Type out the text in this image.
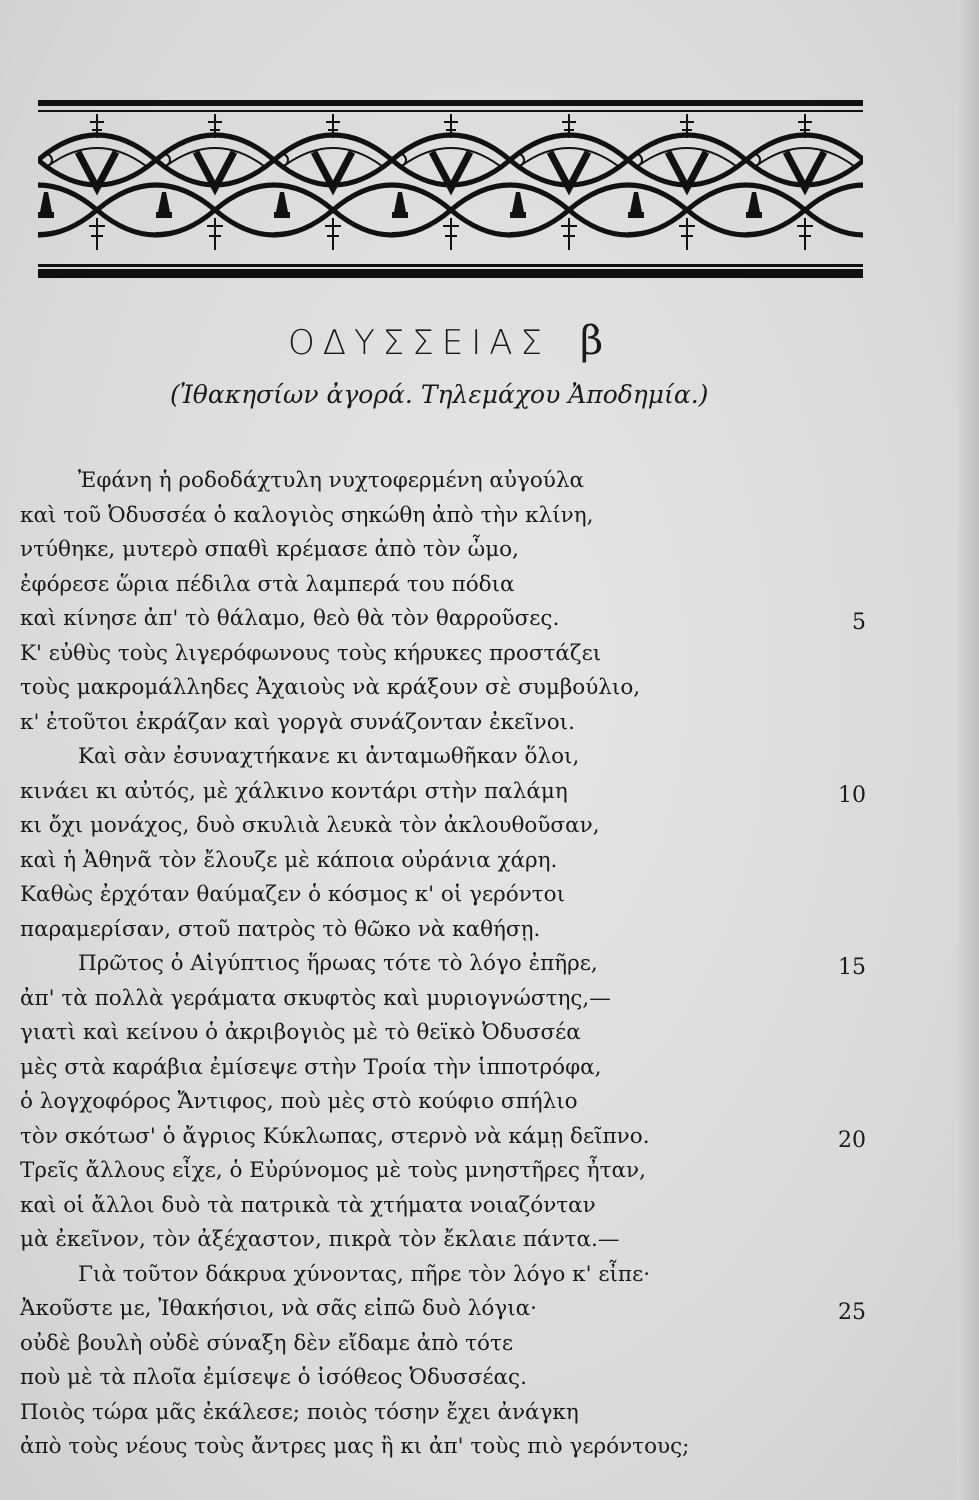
ΟΔΥΣΣΕΙΑΣ β
(Ἰθακησίων ἀγορά. Τηλεμάχου Ἀποδημία.)
Ἐφάνη ἡ ροδοδάχτυλη νυχτοφερμένη αὐγούλα
καὶ τοῦ Ὀδυσσέα ὁ καλογιὸς σηκώθη ἀπὸ τὴν κλίνη,
ντύθηκε, μυτερὸ σπαθὶ κρέμασε ἀπὸ τὸν ὦμο,
ἐφόρεσε ὥρια πέδιλα στὰ λαμπερά του πόδια
καὶ κίνησε ἀπ' τὸ θάλαμο, θεὸ θὰ τὸν θαρροῦσες.
Κ' εὐθὺς τοὺς λιγερόφωνους τοὺς κήρυκες προστάζει
τοὺς μακρομάλληδες Ἀχαιοὺς νὰ κράξουν σὲ συμβούλιο,
κ' ἐτοῦτοι ἐκράζαν καὶ γοργὰ συνάζονταν ἐκεῖνοι.
Καὶ σὰν ἐσυναχτήκανε κι ἀνταμωθῆκαν ὅλοι,
κινάει κι αὐτός, μὲ χάλκινο κοντάρι στὴν παλάμη
κι ὄχι μονάχος, δυὸ σκυλιὰ λευκὰ τὸν ἀκλουθοῦσαν,
καὶ ἡ Ἀθηνᾶ τὸν ἔλουζε μὲ κάποια οὐράνια χάρη.
Καθὼς ἐρχόταν θαύμαζεν ὁ κόσμος κ' οἱ γερόντοι
παραμερίσαν, στοῦ πατρὸς τὸ θῶκο νὰ καθήσῃ.
Πρῶτος ὁ Αἰγύπτιος ἥρωας τότε τὸ λόγο ἐπῆρε,
ἀπ' τὰ πολλὰ γεράματα σκυφτὸς καὶ μυριογνώστης,—
γιατὶ καὶ κείνου ὁ ἀκριβογιὸς μὲ τὸ θεϊκὸ Ὀδυσσέα
μὲς στὰ καράβια ἐμίσεψε στὴν Τροία τὴν ἱπποτρόφα,
ὁ λογχοφόρος Ἄντιφος, ποὺ μὲς στὸ κούφιο σπήλιο
τὸν σκότωσ' ὁ ἄγριος Κύκλωπας, στερνὸ νὰ κάμῃ δεῖπνο.
Τρεῖς ἄλλους εἶχε, ὁ Εὐρύνομος μὲ τοὺς μνηστῆρες ἦταν,
καὶ οἱ ἄλλοι δυὸ τὰ πατρικὰ τὰ χτήματα νοιαζόνταν
μὰ ἐκεῖνον, τὸν ἀξέχαστον, πικρὰ τὸν ἔκλαιε πάντα.—
Γιὰ τοῦτον δάκρυα χύνοντας, πῆρε τὸν λόγο κ' εἶπε·
Ἀκοῦστε με, Ἰθακήσιοι, νὰ σᾶς εἰπῶ δυὸ λόγια·
οὐδὲ βουλὴ οὐδὲ σύναξη δὲν εἴδαμε ἀπὸ τότε
ποὺ μὲ τὰ πλοῖα ἐμίσεψε ὁ ἰσόθεος Ὀδυσσέας.
Ποιὸς τώρα μᾶς ἐκάλεσε; ποιὸς τόσην ἔχει ἀνάγκη
ἀπὸ τοὺς νέους τοὺς ἄντρες μας ἢ κι ἀπ' τοὺς πιὸ γερόντους;
5
10
15
20
25
